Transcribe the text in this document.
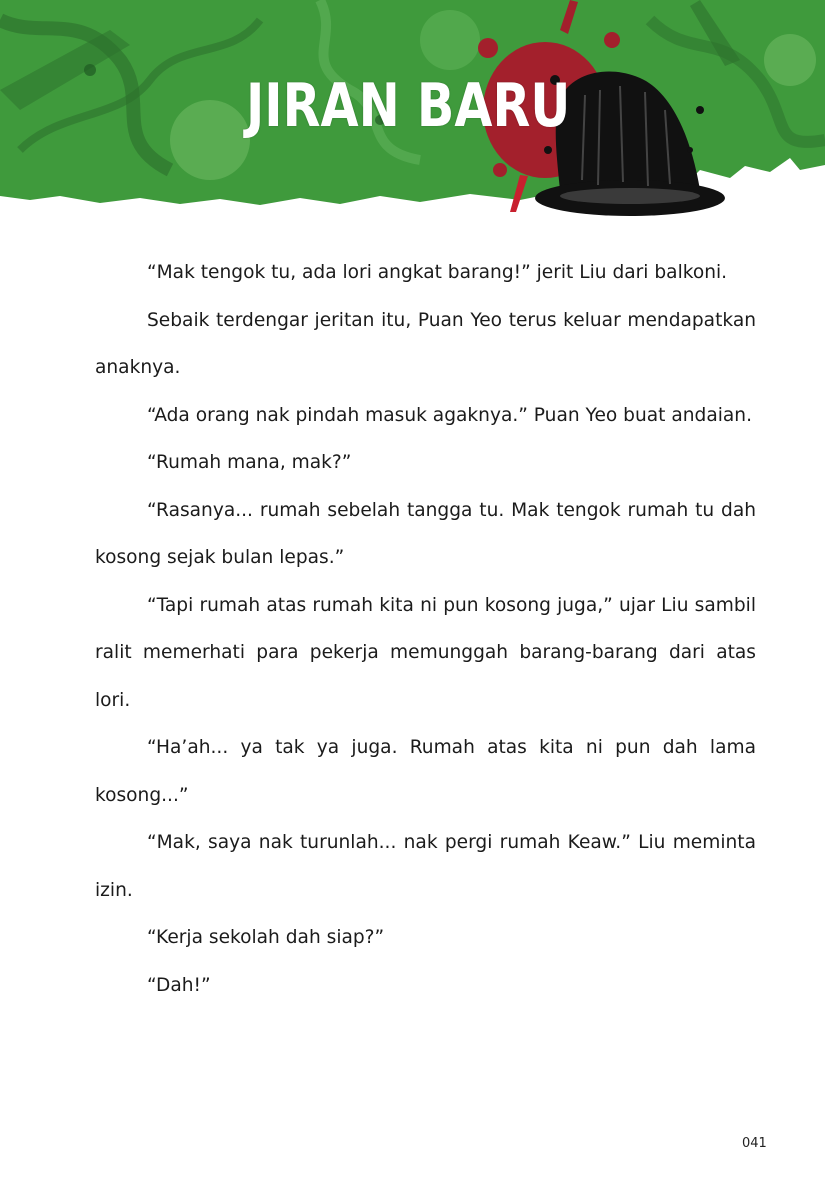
JIRAN BARU

“Mak tengok tu, ada lori angkat barang!” jerit Liu dari balkoni.

Sebaik terdengar jeritan itu, Puan Yeo terus keluar mendapatkan anaknya.

“Ada orang nak pindah masuk agaknya.” Puan Yeo buat andaian.

“Rumah mana, mak?”

“Rasanya... rumah sebelah tangga tu. Mak tengok rumah tu dah kosong sejak bulan lepas.”

“Tapi rumah atas rumah kita ni pun kosong juga,” ujar Liu sambil ralit memerhati para pekerja memunggah barang-barang dari atas lori.

“Ha’ah... ya tak ya juga. Rumah atas kita ni pun dah lama kosong...”

“Mak, saya nak turunlah... nak pergi rumah Keaw.” Liu meminta izin.

“Kerja sekolah dah siap?”

“Dah!”

041
